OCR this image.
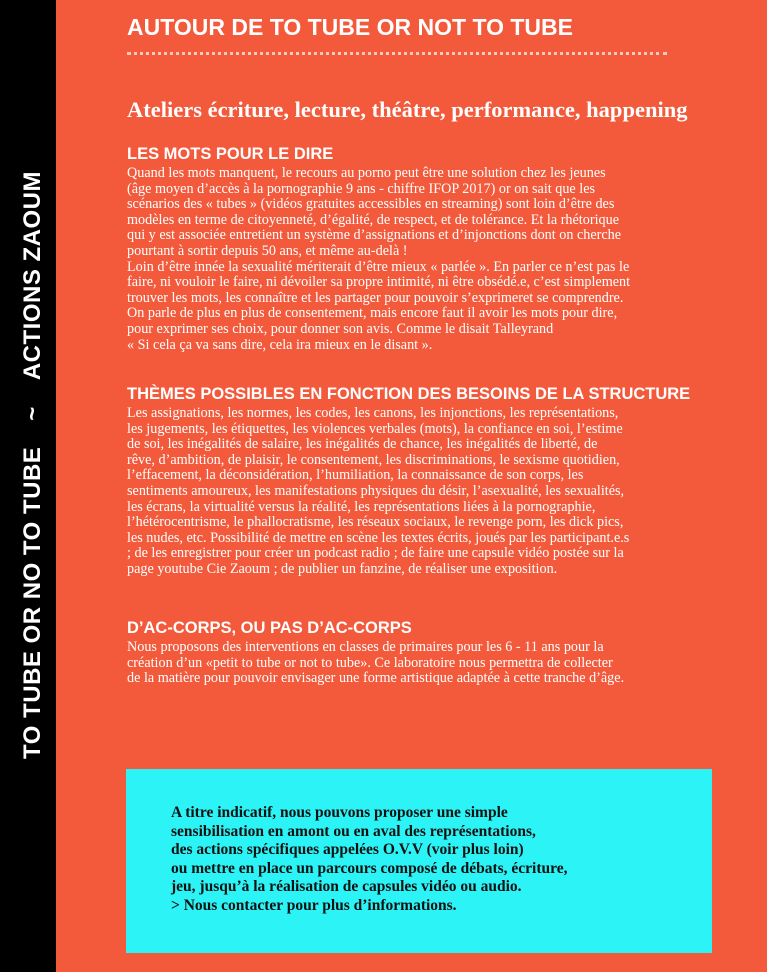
TO TUBE OR NO TO TUBE~ACTIONS ZAOUM
AUTOUR DE TO TUBE OR NOT TO TUBE
Ateliers écriture, lecture, théâtre, performance, happening
LES MOTS POUR LE DIRE
Quand les mots manquent, le recours au porno peut être une solution chez les jeunes
(âge moyen d’accès à la pornographie 9 ans - chiffre IFOP 2017) or on sait que les
scénarios des « tubes » (vidéos gratuites accessibles en streaming) sont loin d’être des
modèles en terme de citoyenneté, d’égalité, de respect, et de tolérance. Et la rhétorique
qui y est associée entretient un système d’assignations et d’injonctions dont on cherche
pourtant à sortir depuis 50 ans, et même au-delà !
Loin d’être innée la sexualité mériterait d’être mieux « parlée ». En parler ce n’est pas le
faire, ni vouloir le faire, ni dévoiler sa propre intimité, ni être obsédé.e, c’est simplement
trouver les mots, les connaître et les partager pour pouvoir s’exprimeret se comprendre.
On parle de plus en plus de consentement, mais encore faut il avoir les mots pour dire,
pour exprimer ses choix, pour donner son avis. Comme le disait Talleyrand
« Si cela ça va sans dire, cela ira mieux en le disant ».
THÈMES POSSIBLES EN FONCTION DES BESOINS DE LA STRUCTURE
Les assignations, les normes, les codes, les canons, les injonctions, les représentations,
les jugements, les étiquettes, les violences verbales (mots), la confiance en soi, l’estime
de soi, les inégalités de salaire, les inégalités de chance, les inégalités de liberté, de
rêve, d’ambition, de plaisir, le consentement, les discriminations, le sexisme quotidien,
l’effacement, la déconsidération, l’humiliation, la connaissance de son corps, les
sentiments amoureux, les manifestations physiques du désir, l’asexualité, les sexualités,
les écrans, la virtualité versus la réalité, les représentations liées à la pornographie,
l’hétérocentrisme, le phallocratisme, les réseaux sociaux, le revenge porn, les dick pics,
les nudes, etc. Possibilité de mettre en scène les textes écrits, joués par les participant.e.s
; de les enregistrer pour créer un podcast radio ; de faire une capsule vidéo postée sur la
page youtube Cie Zaoum ; de publier un fanzine, de réaliser une exposition.
D’AC-CORPS, OU PAS D’AC-CORPS
Nous proposons des interventions en classes de primaires pour les 6 - 11 ans pour la
création d’un «petit to tube or not to tube». Ce laboratoire nous permettra de collecter
de la matière pour pouvoir envisager une forme artistique adaptée à cette tranche d’âge.
A titre indicatif, nous pouvons proposer une simple
sensibilisation en amont ou en aval des représentations,
des actions spécifiques appelées O.V.V (voir plus loin)
ou mettre en place un parcours composé de débats, écriture,
jeu, jusqu’à la réalisation de capsules vidéo ou audio.
> Nous contacter pour plus d’informations.
